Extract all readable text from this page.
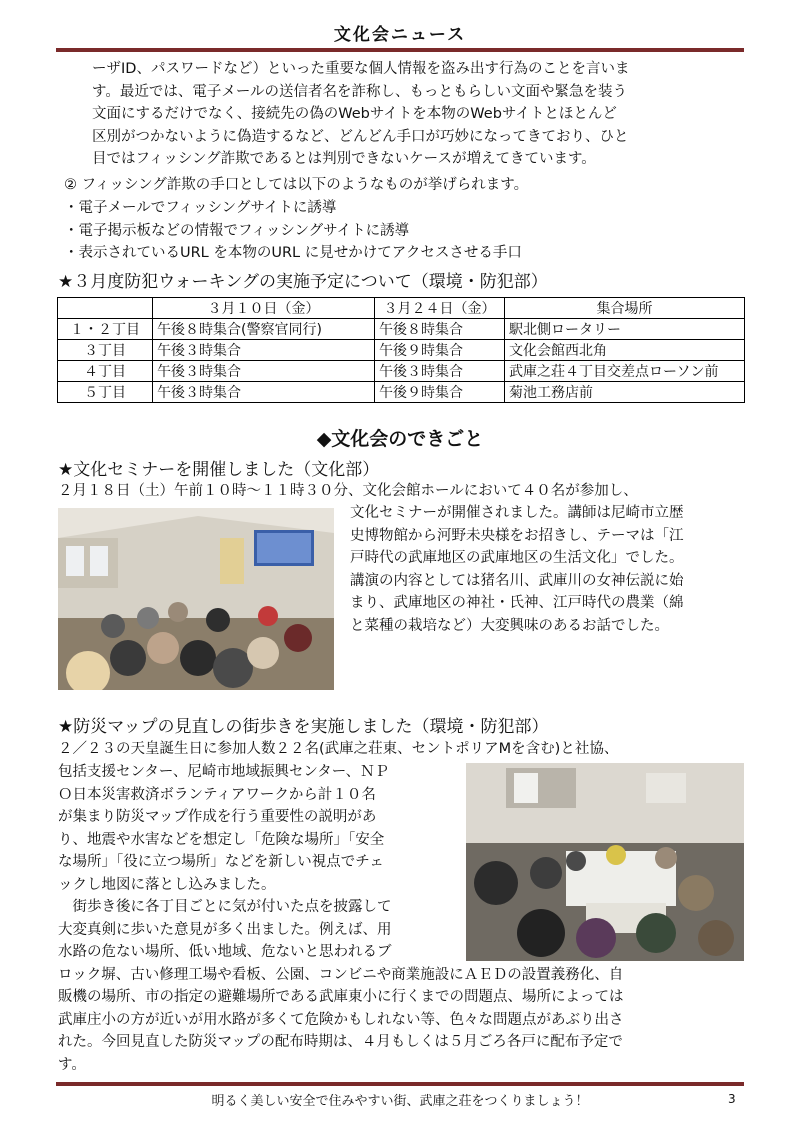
文化会ニュース

ーザID、パスワードなど）といった重要な個人情報を盗み出す行為のことを言いま

す。最近では、電子メールの送信者名を詐称し、もっともらしい文面や緊急を装う

文面にするだけでなく、接続先の偽のWebサイトを本物のWebサイトとほとんど

区別がつかないように偽造するなど、どんどん手口が巧妙になってきており、ひと

目ではフィッシング詐欺であるとは判別できないケースが増えてきています。

② フィッシング詐欺の手口としては以下のようなものが挙げられます。

・電子メールでフィッシングサイトに誘導

・電子掲示板などの情報でフィッシングサイトに誘導

・表示されているURL を本物のURL に見せかけてアクセスさせる手口

★３月度防犯ウォーキングの実施予定について（環境・防犯部）
	３月１０日（金）	３月２４日（金）	集合場所
１・２丁目	午後８時集合(警察官同行)	午後８時集合	駅北側ロータリー
３丁目	午後３時集合	午後９時集合	文化会館西北角
４丁目	午後３時集合	午後３時集合	武庫之荘４丁目交差点ローソン前
５丁目	午後３時集合	午後９時集合	菊池工務店前
◆文化会のできごと
★文化セミナーを開催しました（文化部）

２月１８日（土）午前１０時～１１時３０分、文化会館ホールにおいて４０名が参加し、

文化セミナーが開催されました。講師は尼崎市立歴

史博物館から河野未央様をお招きし、テーマは「江

戸時代の武庫地区の武庫地区の生活文化」でした。

講演の内容としては猪名川、武庫川の女神伝説に始

まり、武庫地区の神社・氏神、江戸時代の農業（綿

と菜種の栽培など）大変興味のあるお話でした。

★防災マップの見直しの街歩きを実施しました（環境・防犯部）

２／２３の天皇誕生日に参加人数２２名(武庫之荘東、セントポリアMを含む)と社協、

包括支援センター、尼崎市地域振興センター、ＮＰ

Ｏ日本災害救済ボランティアワークから計１０名

が集まり防災マップ作成を行う重要性の説明があ

り、地震や水害などを想定し「危険な場所」「安全

な場所」「役に立つ場所」などを新しい視点でチェ

ックし地図に落とし込みました。

　街歩き後に各丁目ごとに気が付いた点を披露して

大変真剣に歩いた意見が多く出ました。例えば、用

水路の危ない場所、低い地域、危ないと思われるブ

ロック塀、古い修理工場や看板、公園、コンビニや商業施設にＡＥＤの設置義務化、自

販機の場所、市の指定の避難場所である武庫東小に行くまでの問題点、場所によっては

武庫庄小の方が近いが用水路が多くて危険かもしれない等、色々な問題点があぶり出さ

れた。今回見直した防災マップの配布時期は、４月もしくは５月ごろ各戸に配布予定で

す。

明るく美しい安全で住みやすい街、武庫之荘をつくりましょう！	3
